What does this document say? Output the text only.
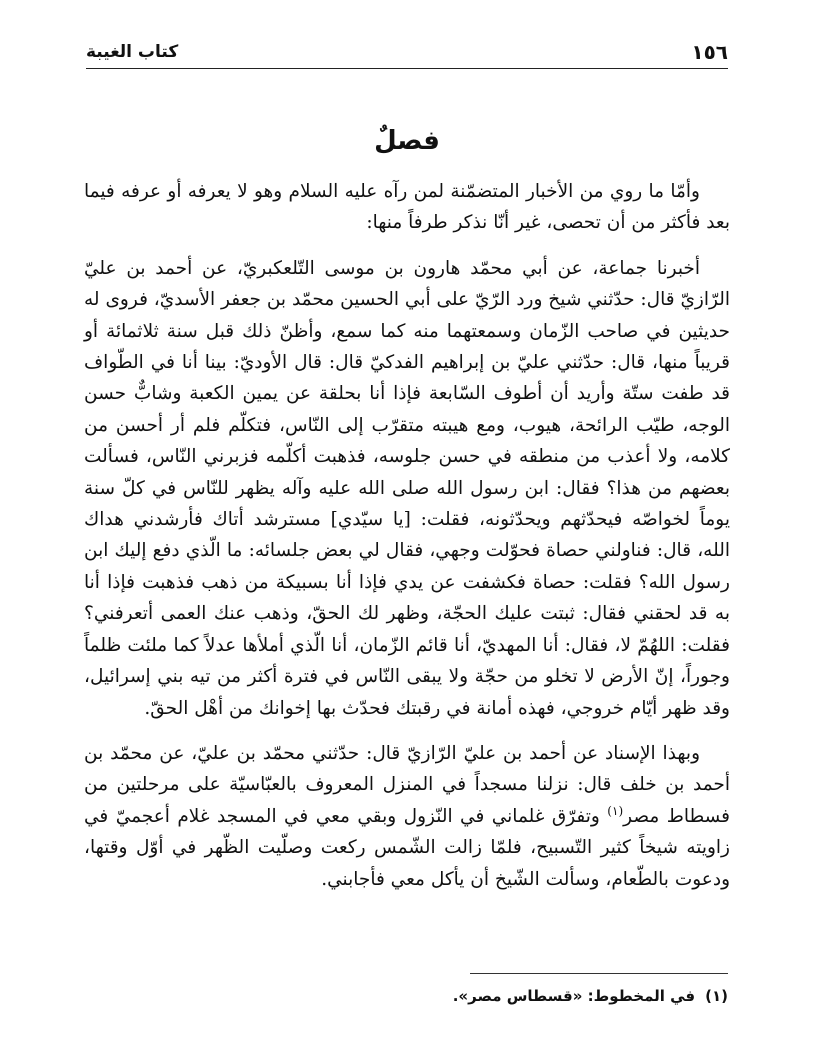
١٥٦
كتاب الغيبة
فصلٌ

وأمّا ما روي من الأخبار المتضمّنة لمن رآه عليه السلام وهو لا يعرفه أو عرفه فيما بعد فأكثر من أن تحصى، غير أنّا نذكر طرفاً منها:

أخبرنا جماعة، عن أبي محمّد هارون بن موسى التّلعكبريّ، عن أحمد بن عليّ الرّازيّ قال: حدّثني شيخ ورد الرّيّ على أبي الحسين محمّد بن جعفر الأسديّ، فروى له حديثين في صاحب الزّمان وسمعتهما منه كما سمع، وأظنّ ذلك قبل سنة ثلاثمائة أو قريباً منها، قال: حدّثني عليّ بن إبراهيم الفدكيّ قال: قال الأوديّ: بينا أنا في الطّواف قد طفت ستّة وأريد أن أطوف السّابعة فإذا أنا بحلقة عن يمين الكعبة وشابٌّ حسن الوجه، طيّب الرائحة، هيوب، ومع هيبته متقرّب إلى النّاس، فتكلّم فلم أر أحسن من كلامه، ولا أعذب من منطقه في حسن جلوسه، فذهبت أكلّمه فزبرني النّاس، فسألت بعضهم من هذا؟ فقال: ابن رسول الله صلى الله عليه وآله يظهر للنّاس في كلّ سنة يوماً لخواصّه فيحدّثهم ويحدّثونه، فقلت: [يا سيّدي] مسترشد أتاك فأرشدني هداك الله، قال: فناولني حصاة فحوّلت وجهي، فقال لي بعض جلسائه: ما الّذي دفع إليك ابن رسول الله؟ فقلت: حصاة فكشفت عن يدي فإذا أنا بسبيكة من ذهب فذهبت فإذا أنا به قد لحقني فقال: ثبتت عليك الحجّة، وظهر لك الحقّ، وذهب عنك العمى أتعرفني؟ فقلت: اللهُمّ لا، فقال: أنا المهديّ، أنا قائم الزّمان، أنا الّذي أملأها عدلاً كما ملئت ظلماً وجوراً، إنّ الأرض لا تخلو من حجّة ولا يبقى النّاس في فترة أكثر من تيه بني إسرائيل، وقد ظهر أيّام خروجي، فهذه أمانة في رقبتك فحدّث بها إخوانك من أهْل الحقّ.

وبهذا الإسناد عن أحمد بن عليّ الرّازيّ قال: حدّثني محمّد بن عليّ، عن محمّد بن أحمد بن خلف قال: نزلنا مسجداً في المنزل المعروف بالعبّاسيّة على مرحلتين من فسطاط مصر$^{(١)}$ وتفرّق غلماني في النّزول وبقي معي في المسجد غلام أعجميّ في زاويته شيخاً كثير التّسبيح، فلمّا زالت الشّمس ركعت وصلّيت الظّهر في أوّل وقتها، ودعوت بالطّعام، وسألت الشّيخ أن يأكل معي فأجابني.

(١)في المخطوط: «قسطاس مصر».
